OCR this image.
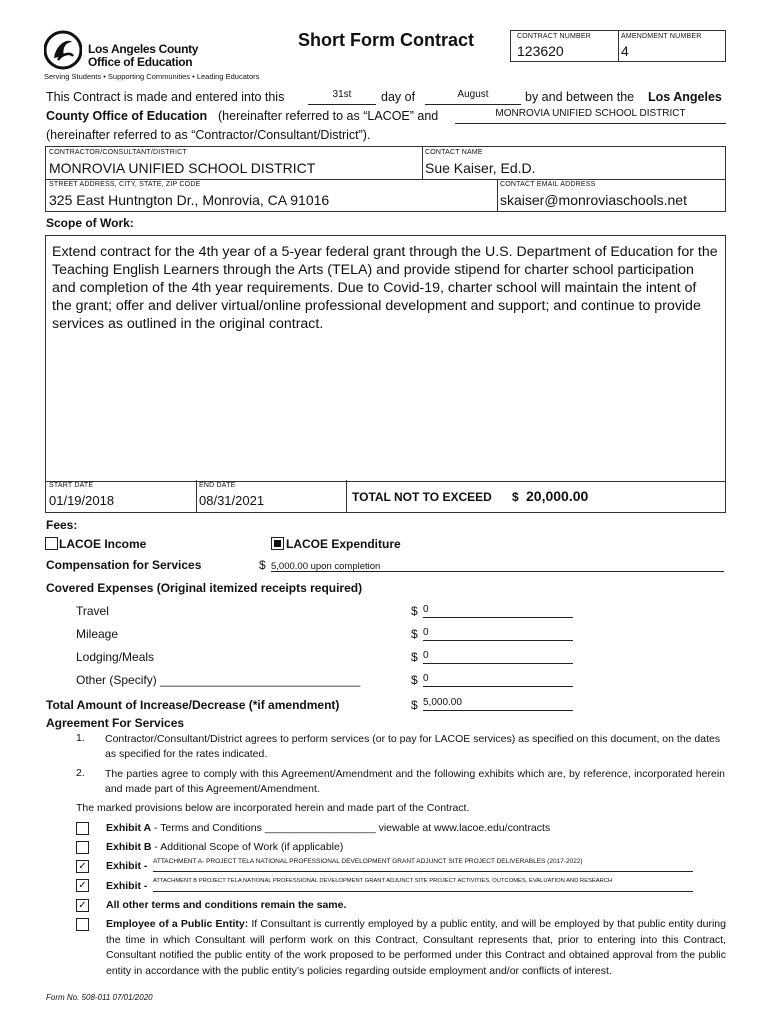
Los Angeles County
Office of Education
Serving Students • Supporting Communities • Leading Educators
Short Form Contract	CONTRACT NUMBER
123620
AMENDMENT NUMBER
4
This Contract is made and entered into this	$^{31st}$	day of	$^{August}$	by and between the Los Angeles
County Office of Education (hereinafter referred to as “LACOE” and	$^{MONROVIA UNIFIED SCHOOL DISTRICT}$
(hereinafter referred to as “Contractor/Consultant/District”).
CONTRACTOR/CONSULTANT/DISTRICT
MONROVIA UNIFIED SCHOOL DISTRICT
CONTACT NAME
Sue Kaiser, Ed.D.
STREET ADDRESS, CITY, STATE, ZIP CODE
325 East Huntngton Dr., Monrovia, CA 91016
CONTACT EMAIL ADDRESS
skaiser@monroviaschools.net
Scope of Work:
Extend contract for the 4th year of a 5-year federal grant through the U.S. Department of Education for the Teaching English Learners through the Arts (TELA) and provide stipend for charter school participation and completion of the 4th year requirements. Due to Covid-19, charter school will maintain the intent of the grant; offer and deliver virtual/online professional development and support; and continue to provide services as outlined in the original contract.
START DATE
01/19/2018
END DATE
08/31/2021	TOTAL NOT TO EXCEED $ 20,000.00
Fees:
LACOE Income	LACOE Expenditure
Compensation for Services	$ 5,000.00 upon completion
Covered Expenses (Original itemized receipts required)
Travel	$ 0
Mileage	$ 0
Lodging/Meals	$ 0
Other (Specify) ______________________________	$ 0
Total Amount of Increase/Decrease (*if amendment)	$ 5,000.00
Agreement For Services
1. Contractor/Consultant/District agrees to perform services (or to pay for LACOE services) as specified on this document, on the dates as specified for the rates indicated.
2. The parties agree to comply with this Agreement/Amendment and the following exhibits which are, by reference, incorporated herein and made part of this Agreement/Amendment.
The marked provisions below are incorporated herein and made part of the Contract.
Exhibit A - Terms and Conditions ___________________ viewable at www.lacoe.edu/contracts
Exhibit B - Additional Scope of Work (if applicable)
✓ Exhibit - ATTACHMENT A- PROJECT TELA NATIONAL PROFESSIONAL DEVELOPMENT GRANT ADJUNCT SITE PROJECT DELIVERABLES (2017-2022)
✓ Exhibit - ATTACHMENT B PROJECT TELA NATIONAL PROFESSIONAL DEVELOPMENT GRANT ADJUNCT SITE PROJECT ACTIVITIES, OUTCOMES, EVALUATION AND RESEARCH
✓ All other terms and conditions remain the same.
Employee of a Public Entity: If Consultant is currently employed by a public entity, and will be employed by that public entity during the time in which Consultant will perform work on this Contract, Consultant represents that, prior to entering into this Contract, Consultant notified the public entity of the work proposed to be performed under this Contract and obtained approval from the public entity in accordance with the public entity’s policies regarding outside employment and/or conflicts of interest.
Form No. 508-011 07/01/2020
